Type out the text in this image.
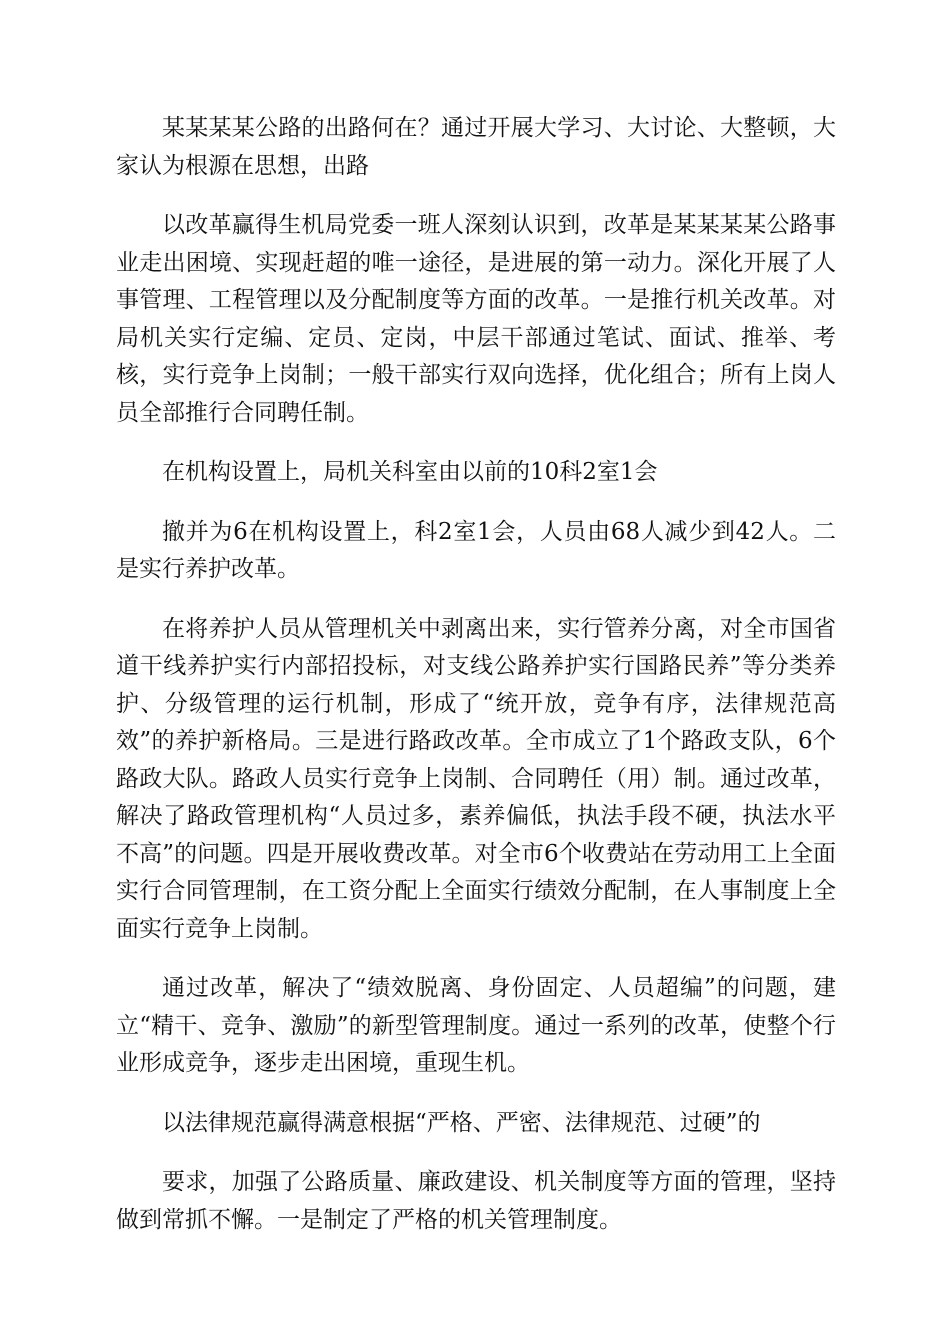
某某某某公路的出路何在？通过开展大学习、大讨论、大整顿，大家认为根源在思想，出路

以改革赢得生机局党委一班人深刻认识到，改革是某某某某公路事业走出困境、实现赶超的唯一途径，是进展的第一动力。深化开展了人事管理、工程管理以及分配制度等方面的改革。一是推行机关改革。对局机关实行定编、定员、定岗，中层干部通过笔试、面试、推举、考核，实行竞争上岗制；一般干部实行双向选择，优化组合；所有上岗人员全部推行合同聘任制。

在机构设置上，局机关科室由以前的10科2室1会

撤并为6在机构设置上，科2室1会，人员由68人减少到42人。二是实行养护改革。

在将养护人员从管理机关中剥离出来，实行管养分离，对全市国省道干线养护实行内部招投标，对支线公路养护实行国路民养”等分类养护、分级管理的运行机制，形成了“统开放，竞争有序，法律规范高效”的养护新格局。三是进行路政改革。全市成立了1个路政支队，6个路政大队。路政人员实行竞争上岗制、合同聘任（用）制。通过改革，解决了路政管理机构“人员过多，素养偏低，执法手段不硬，执法水平不高”的问题。四是开展收费改革。对全市6个收费站在劳动用工上全面实行合同管理制，在工资分配上全面实行绩效分配制，在人事制度上全面实行竞争上岗制。

通过改革，解决了“绩效脱离、身份固定、人员超编”的问题，建立“精干、竞争、激励”的新型管理制度。通过一系列的改革，使整个行业形成竞争，逐步走出困境，重现生机。

以法律规范赢得满意根据“严格、严密、法律规范、过硬”的

要求，加强了公路质量、廉政建设、机关制度等方面的管理，坚持做到常抓不懈。一是制定了严格的机关管理制度。
